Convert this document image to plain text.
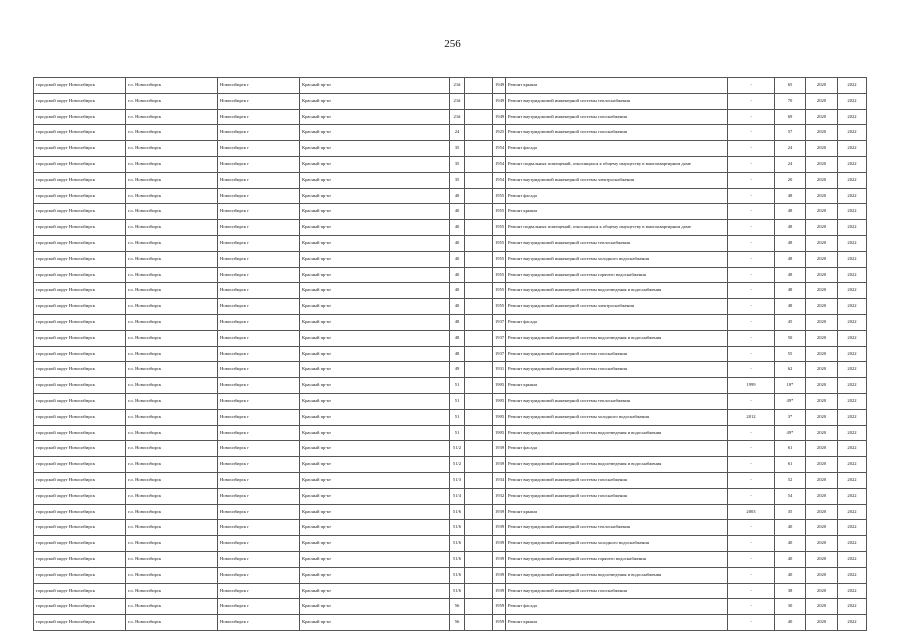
256
городской округ Новосибирск	г.о. Новосибирск	Новосибирск г	Красный пр-кт	21#		1949	Ремонт крыши	-	65	2020	2022
городской округ Новосибирск	г.о. Новосибирск	Новосибирск г	Красный пр-кт	21#		1949	Ремонт внутридомовой инженерной системы теплоснабжения	-	70	2020	2022
городской округ Новосибирск	г.о. Новосибирск	Новосибирск г	Красный пр-кт	21#		1949	Ремонт внутридомовой инженерной системы газоснабжения	-	69	2020	2022
городской округ Новосибирск	г.о. Новосибирск	Новосибирск г	Красный пр-кт	24		1925	Ремонт внутридомовой инженерной системы газоснабжения	-	57	2020	2022
городской округ Новосибирск	г.о. Новосибирск	Новосибирск г	Красный пр-кт	35		1954	Ремонт фасада	-	24	2020	2022
городской округ Новосибирск	г.о. Новосибирск	Новосибирск г	Красный пр-кт	35		1954	Ремонт подвальных помещений, относящихся к общему имуществу в многоквартирном доме	-	24	2020	2022
городской округ Новосибирск	г.о. Новосибирск	Новосибирск г	Красный пр-кт	35		1954	Ремонт внутридомовой инженерной системы электроснабжения	-	20	2020	2022
городской округ Новосибирск	г.о. Новосибирск	Новосибирск г	Красный пр-кт	40		1955	Ремонт фасада	-	48	2020	2022
городской округ Новосибирск	г.о. Новосибирск	Новосибирск г	Красный пр-кт	40		1955	Ремонт крыши	-	48	2020	2022
городской округ Новосибирск	г.о. Новосибирск	Новосибирск г	Красный пр-кт	40		1955	Ремонт подвальных помещений, относящихся к общему имуществу в многоквартирном доме	-	48	2020	2022
городской округ Новосибирск	г.о. Новосибирск	Новосибирск г	Красный пр-кт	40		1955	Ремонт внутридомовой инженерной системы теплоснабжения	-	48	2020	2022
городской округ Новосибирск	г.о. Новосибирск	Новосибирск г	Красный пр-кт	40		1955	Ремонт внутридомовой инженерной системы холодного водоснабжения	-	48	2020	2022
городской округ Новосибирск	г.о. Новосибирск	Новосибирск г	Красный пр-кт	40		1955	Ремонт внутридомовой инженерной системы горячего водоснабжения	-	48	2020	2022
городской округ Новосибирск	г.о. Новосибирск	Новосибирск г	Красный пр-кт	40		1955	Ремонт внутридомовой инженерной системы водоотведения и водоснабжения	-	48	2020	2022
городской округ Новосибирск	г.о. Новосибирск	Новосибирск г	Красный пр-кт	40		1955	Ремонт внутридомовой инженерной системы электроснабжения	-	48	2020	2022
городской округ Новосибирск	г.о. Новосибирск	Новосибирск г	Красный пр-кт	48		1937	Ремонт фасада	-	45	2020	2022
городской округ Новосибирск	г.о. Новосибирск	Новосибирск г	Красный пр-кт	48		1937	Ремонт внутридомовой инженерной системы водоотведения и водоснабжения	-	50	2020	2022
городской округ Новосибирск	г.о. Новосибирск	Новосибирск г	Красный пр-кт	48		1937	Ремонт внутридомовой инженерной системы газоснабжения	-	55	2020	2022
городской округ Новосибирск	г.о. Новосибирск	Новосибирск г	Красный пр-кт	49		1931	Ремонт внутридомовой инженерной системы газоснабжения	-	62	2020	2022
городской округ Новосибирск	г.о. Новосибирск	Новосибирск г	Красный пр-кт	51		1905	Ремонт крыши	1999	18*	2020	2022
городской округ Новосибирск	г.о. Новосибирск	Новосибирск г	Красный пр-кт	51		1905	Ремонт внутридомовой инженерной системы теплоснабжения	-	49*	2020	2022
городской округ Новосибирск	г.о. Новосибирск	Новосибирск г	Красный пр-кт	51		1905	Ремонт внутридомовой инженерной системы холодного водоснабжения	2012	3*	2020	2022
городской округ Новосибирск	г.о. Новосибирск	Новосибирск г	Красный пр-кт	51		1905	Ремонт внутридомовой инженерной системы водоотведения и водоснабжения	-	49*	2020	2022
городской округ Новосибирск	г.о. Новосибирск	Новосибирск г	Красный пр-кт	51/2		1939	Ремонт фасада	-	61	2020	2022
городской округ Новосибирск	г.о. Новосибирск	Новосибирск г	Красный пр-кт	51/2		1939	Ремонт внутридомовой инженерной системы водоотведения и водоснабжения	-	61	2020	2022
городской округ Новосибирск	г.о. Новосибирск	Новосибирск г	Красный пр-кт	51/3		1934	Ремонт внутридомовой инженерной системы газоснабжения	-	52	2020	2022
городской округ Новосибирск	г.о. Новосибирск	Новосибирск г	Красный пр-кт	51/4		1932	Ремонт внутридомовой инженерной системы газоснабжения	-	54	2020	2022
городской округ Новосибирск	г.о. Новосибирск	Новосибирск г	Красный пр-кт	51/6		1939	Ремонт крыши	2003	35	2020	2022
городской округ Новосибирск	г.о. Новосибирск	Новосибирск г	Красный пр-кт	51/6		1939	Ремонт внутридомовой инженерной системы теплоснабжения	-	40	2020	2022
городской округ Новосибирск	г.о. Новосибирск	Новосибирск г	Красный пр-кт	51/6		1939	Ремонт внутридомовой инженерной системы холодного водоснабжения	-	40	2020	2022
городской округ Новосибирск	г.о. Новосибирск	Новосибирск г	Красный пр-кт	51/6		1939	Ремонт внутридомовой инженерной системы горячего водоснабжения	-	40	2020	2022
городской округ Новосибирск	г.о. Новосибирск	Новосибирск г	Красный пр-кт	51/6		1939	Ремонт внутридомовой инженерной системы водоотведения и водоснабжения	-	40	2020	2022
городской округ Новосибирск	г.о. Новосибирск	Новосибирск г	Красный пр-кт	51/6		1939	Ремонт внутридомовой инженерной системы газоснабжения	-	38	2020	2022
городской округ Новосибирск	г.о. Новосибирск	Новосибирск г	Красный пр-кт	56		1959	Ремонт фасада	-	30	2020	2022
городской округ Новосибирск	г.о. Новосибирск	Новосибирск г	Красный пр-кт	56		1959	Ремонт крыши	-	40	2020	2022
